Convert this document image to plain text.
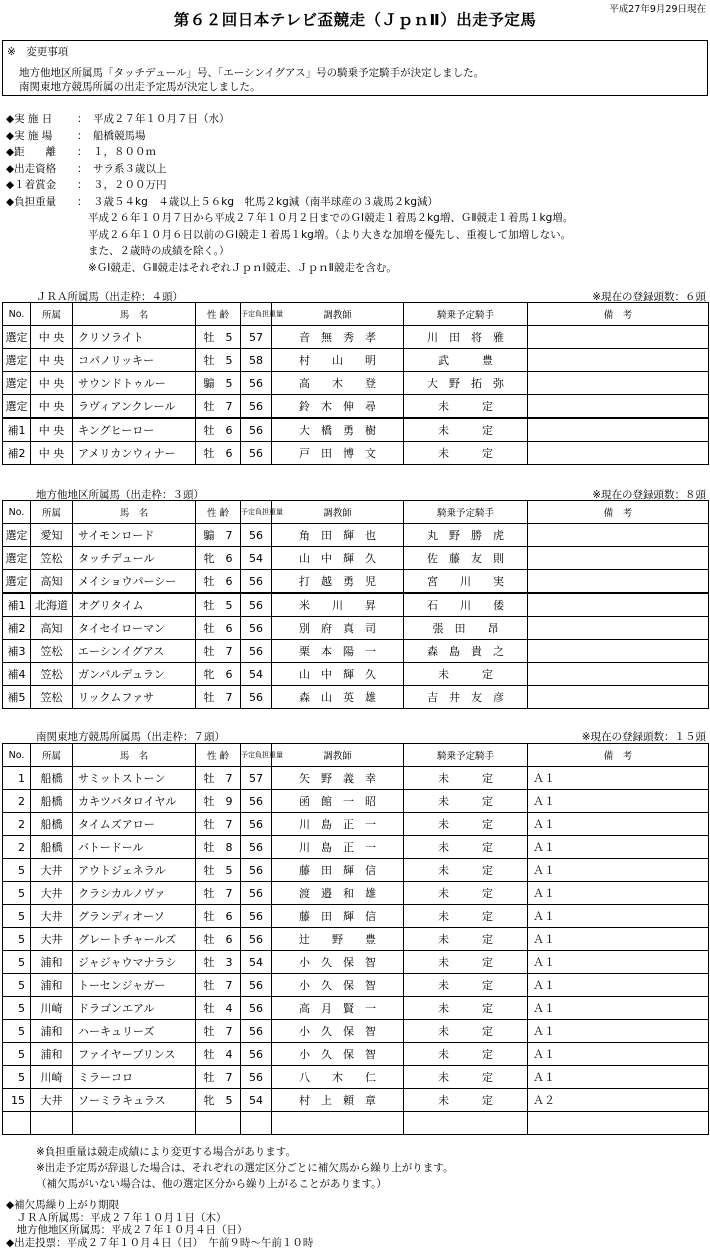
平成27年9月29日現在
第６２回日本テレビ盃競走（ＪｐｎⅡ）出走予定馬
※　変更事項
地方他地区所属馬「タッチデュール」号、「エーシンイグアス」号の騎乗予定騎手が決定しました。
南関東地方競馬所属の出走予定馬が決定しました。
◆実 施 日 ： 平成２７年１０月７日（水）
◆実 施 場 ： 船橋競馬場
◆距　　離 ： １，８００ｍ
◆出走資格 ： サラ系３歳以上
◆１着賞金 ： ３，２００万円
◆負担重量 ： ３歳５４kg　４歳以上５６kg　牝馬２kg減（南半球産の３歳馬２kg減）
平成２６年１０月７日から平成２７年１０月２日までのＧⅠ競走１着馬２kg増、ＧⅡ競走１着馬１kg増。
平成２６年１０月６日以前のＧⅠ競走１着馬１kg増。（より大きな加増を優先し、重複して加増しない。
また、２歳時の成績を除く。）
※ＧⅠ競走、ＧⅡ競走はそれぞれＪｐｎⅠ競走、ＪｐｎⅡ競走を含む。
ＪＲＡ所属馬（出走枠：４頭）	※現在の登録頭数：６頭
No.	所属	馬　名	性 齢	予定負担重量	調教師	騎乗予定騎手	備　考
選定	中 央	クリソライト	牡　5	57	音　無　秀　孝	川　田　将　雅	
選定	中 央	コパノリッキー	牡　5	58	村　　山　　明	武　　　豊	
選定	中 央	サウンドトゥルー	騸　5	56	高　　木　　登	大　野　拓　弥	
選定	中 央	ラヴィアンクレール	牡　7	56	鈴　木　伸　尋	未　　　定	
補1	中 央	キングヒーロー	牡　6	56	大　橋　勇　樹	未　　　定	
補2	中 央	アメリカンウィナー	牡　6	56	戸　田　博　文	未　　　定	
地方他地区所属馬（出走枠：３頭）	※現在の登録頭数：８頭
No.	所属	馬　名	性 齢	予定負担重量	調教師	騎乗予定騎手	備　考
選定	愛知	サイモンロード	騸　7	56	角　田　輝　也	丸　野　勝　虎	
選定	笠松	タッチデュール	牝　6	54	山　中　輝　久	佐　藤　友　則	
選定	高知	メイショウパーシー	牡　6	56	打　越　勇　児	宮　　川　　実	
補1	北海道	オグリタイム	牡　5	56	米　　川　　昇	石　　川　　倭	
補2	高知	タイセイローマン	牡　6	56	別　府　真　司	張　田　　昂	
補3	笠松	エーシンイグアス	牡　7	56	栗　本　陽　一	森　島　貴　之	
補4	笠松	ガンバルデュラン	牝　6	54	山　中　輝　久	未　　　定	
補5	笠松	リックムファサ	牡　7	56	森　山　英　雄	吉　井　友　彦	
南関東地方競馬所属馬（出走枠：７頭）	※現在の登録頭数：１５頭
No.	所属	馬　名	性 齢	予定負担重量	調教師	騎乗予定騎手	備　考
1	船橋	サミットストーン	牡　7	57	矢　野　義　幸	未　　　定	Ａ１
2	船橋	カキツバタロイヤル	牡　9	56	函　館　一　昭	未　　　定	Ａ１
2	船橋	タイムズアロー	牡　7	56	川　島　正　一	未　　　定	Ａ１
2	船橋	バトードール	牡　8	56	川　島　正　一	未　　　定	Ａ１
5	大井	アウトジェネラル	牡　5	56	藤　田　輝　信	未　　　定	Ａ１
5	大井	クラシカルノヴァ	牡　7	56	渡　邉　和　雄	未　　　定	Ａ１
5	大井	グランディオーソ	牡　6	56	藤　田　輝　信	未　　　定	Ａ１
5	大井	グレートチャールズ	牡　6	56	辻　　野　　豊	未　　　定	Ａ１
5	浦和	ジャジャウマナラシ	牡　3	54	小　久　保　智	未　　　定	Ａ１
5	浦和	トーセンジャガー	牡　7	56	小　久　保　智	未　　　定	Ａ１
5	川崎	ドラゴンエアル	牡　4	56	高　月　賢　一	未　　　定	Ａ１
5	浦和	ハーキュリーズ	牡　7	56	小　久　保　智	未　　　定	Ａ１
5	浦和	ファイヤープリンス	牡　4	56	小　久　保　智	未　　　定	Ａ１
5	川崎	ミラーコロ	牡　7	56	八　　木　　仁	未　　　定	Ａ１
15	大井	ソーミラキュラス	牝　5	54	村　上　頼　章	未　　　定	Ａ２

※負担重量は競走成績により変更する場合があります。
※出走予定馬が辞退した場合は、それぞれの選定区分ごとに補欠馬から繰り上がります。
（補欠馬がいない場合は、他の選定区分から繰り上がることがあります。）
◆補欠馬繰り上がり期限
　ＪＲＡ所属馬：平成２７年１０月１日（木）
　地方他地区所属馬：平成２７年１０月４日（日）
◆出走投票：平成２７年１０月４日（日）　午前９時～午前１０時
